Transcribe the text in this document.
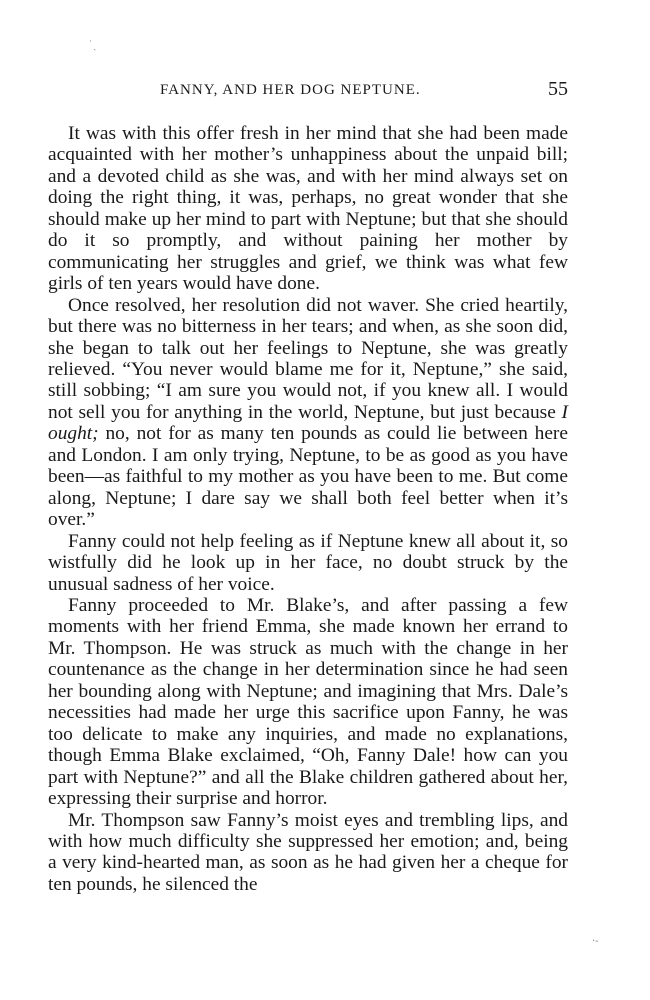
˙ˎ
FANNY, AND HER DOG NEPTUNE.	55

It was with this offer fresh in her mind that she had been made acquainted with her mother’s unhappiness about the unpaid bill; and a devoted child as she was, and with her mind always set on doing the right thing, it was, perhaps, no great wonder that she should make up her mind to part with Neptune; but that she should do it so promptly, and without paining her mother by communicating her struggles and grief, we think was what few girls of ten years would have done.

Once resolved, her resolution did not waver. She cried heartily, but there was no bitterness in her tears; and when, as she soon did, she began to talk out her feelings to Neptune, she was greatly relieved. “You never would blame me for it, Neptune,” she said, still sobbing; “I am sure you would not, if you knew all. I would not sell you for anything in the world, Neptune, but just because I ought; no, not for as many ten pounds as could lie between here and London. I am only trying, Neptune, to be as good as you have been—as faithful to my mother as you have been to me. But come along, Neptune; I dare say we shall both feel better when it’s over.”

Fanny could not help feeling as if Neptune knew all about it, so wistfully did he look up in her face, no doubt struck by the unusual sadness of her voice.

Fanny proceeded to Mr. Blake’s, and after passing a few moments with her friend Emma, she made known her errand to Mr. Thompson. He was struck as much with the change in her countenance as the change in her determination since he had seen her bounding along with Neptune; and imagining that Mrs. Dale’s necessities had made her urge this sacrifice upon Fanny, he was too delicate to make any inquiries, and made no explanations, though Emma Blake exclaimed, “Oh, Fanny Dale! how can you part with Neptune?” and all the Blake children gathered about her, expressing their surprise and horror.

Mr. Thompson saw Fanny’s moist eyes and trembling lips, and with how much difficulty she suppressed her emotion; and, being a very kind-hearted man, as soon as he had given her a cheque for ten pounds, he silenced the

·-
